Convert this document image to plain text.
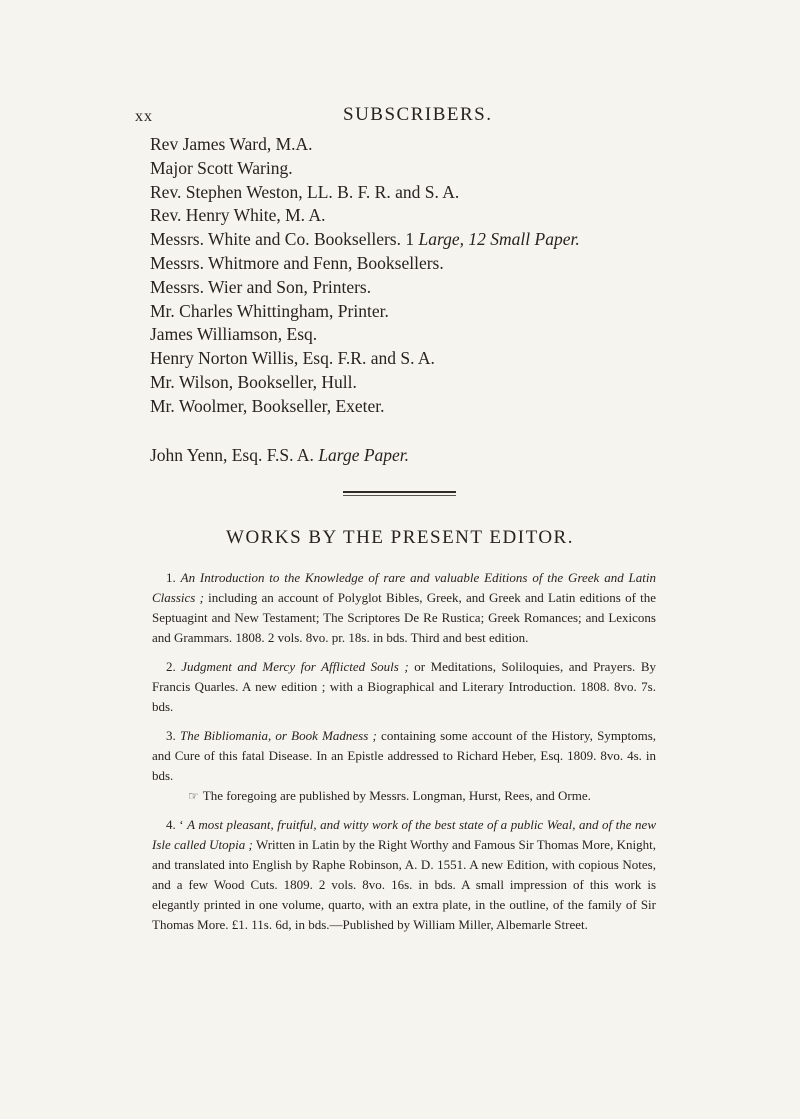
xx	SUBSCRIBERS.
Rev James Ward, M.A.
Major Scott Waring.
Rev. Stephen Weston, LL. B. F. R. and S. A.
Rev. Henry White, M. A.
Messrs. White and Co. Booksellers. 1 Large, 12 Small Paper.
Messrs. Whitmore and Fenn, Booksellers.
Messrs. Wier and Son, Printers.
Mr. Charles Whittingham, Printer.
James Williamson, Esq.
Henry Norton Willis, Esq. F.R. and S. A.
Mr. Wilson, Bookseller, Hull.
Mr. Woolmer, Bookseller, Exeter.
John Yenn, Esq. F.S. A. Large Paper.
WORKS BY THE PRESENT EDITOR.

1. An Introduction to the Knowledge of rare and valuable Editions of the Greek and Latin Classics ; including an account of Polyglot Bibles, Greek, and Greek and Latin editions of the Septuagint and New Testament; The Scriptores De Re Rustica; Greek Romances; and Lexicons and Grammars. 1808. 2 vols. 8vo. pr. 18s. in bds. Third and best edition.

2. Judgment and Mercy for Afflicted Souls ; or Meditations, Soliloquies, and Prayers. By Francis Quarles. A new edition ; with a Biographical and Literary Introduction. 1808. 8vo. 7s. bds.

3. The Bibliomania, or Book Madness ; containing some account of the History, Symptoms, and Cure of this fatal Disease. In an Epistle addressed to Richard Heber, Esq. 1809. 8vo. 4s. in bds.

☞ The foregoing are published by Messrs. Longman, Hurst, Rees, and Orme.

4. ‘ A most pleasant, fruitful, and witty work of the best state of a public Weal, and of the new Isle called Utopia ; Written in Latin by the Right Worthy and Famous Sir Thomas More, Knight, and translated into English by Raphe Robinson, A. D. 1551. A new Edition, with copious Notes, and a few Wood Cuts. 1809. 2 vols. 8vo. 16s. in bds. A small impression of this work is elegantly printed in one volume, quarto, with an extra plate, in the outline, of the family of Sir Thomas More. £1. 11s. 6d, in bds.—Published by William Miller, Albemarle Street.
